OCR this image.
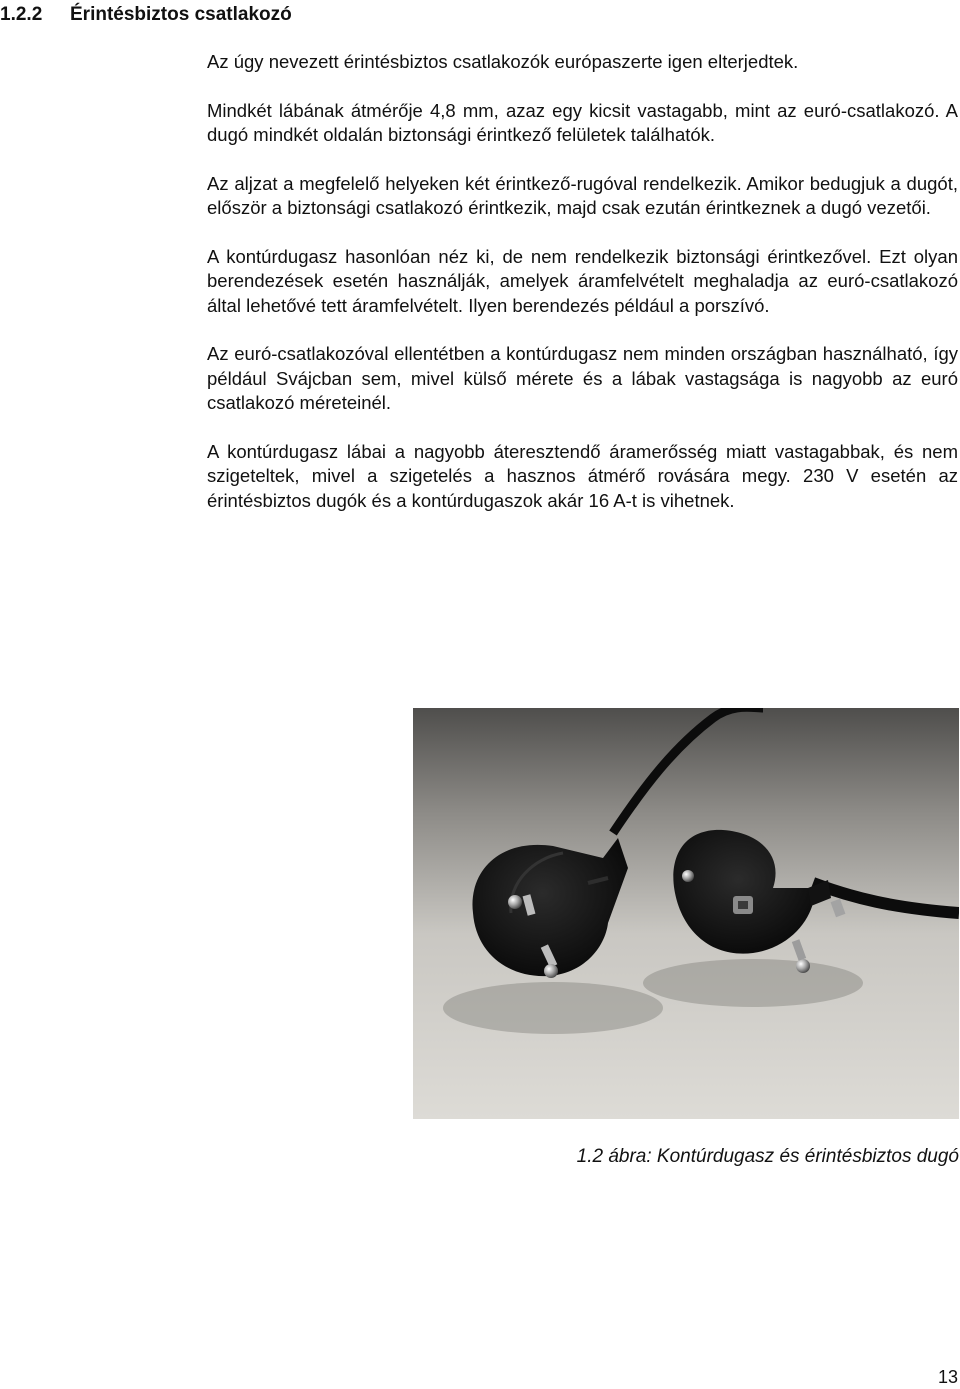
1.2.2 Érintésbiztos csatlakozó

Az úgy nevezett érintésbiztos csatlakozók európaszerte igen elterjedtek.

Mindkét lábának átmérője 4,8 mm, azaz egy kicsit vastagabb, mint az euró-csatlakozó. A dugó mindkét oldalán biztonsági érintkező felületek találhatók.

Az aljzat a megfelelő helyeken két érintkező-rugóval rendelkezik. Amikor bedugjuk a dugót, először a biztonsági csatlakozó érintkezik, majd csak ezután érintkeznek a dugó vezetői.

A kontúrdugasz hasonlóan néz ki, de nem rendelkezik biztonsági érintkezővel. Ezt olyan berendezések esetén használják, amelyek áramfelvételt meghaladja az euró-csatlakozó által lehetővé tett áramfelvételt. Ilyen berendezés például a porszívó.

Az euró-csatlakozóval ellentétben a kontúrdugasz nem minden országban használható, így például Svájcban sem, mivel külső mérete és a lábak vastagsága is nagyobb az euró csatlakozó méreteinél.

A kontúrdugasz lábai a nagyobb áteresztendő áramerősség miatt vastagabbak, és nem szigeteltek, mivel a szigetelés a hasznos átmérő rovására megy. 230 V esetén az érintésbiztos dugók és a kontúrdugaszok akár 16 A-t is vihetnek.

1.2 ábra: Kontúrdugasz és érintésbiztos dugó
13
